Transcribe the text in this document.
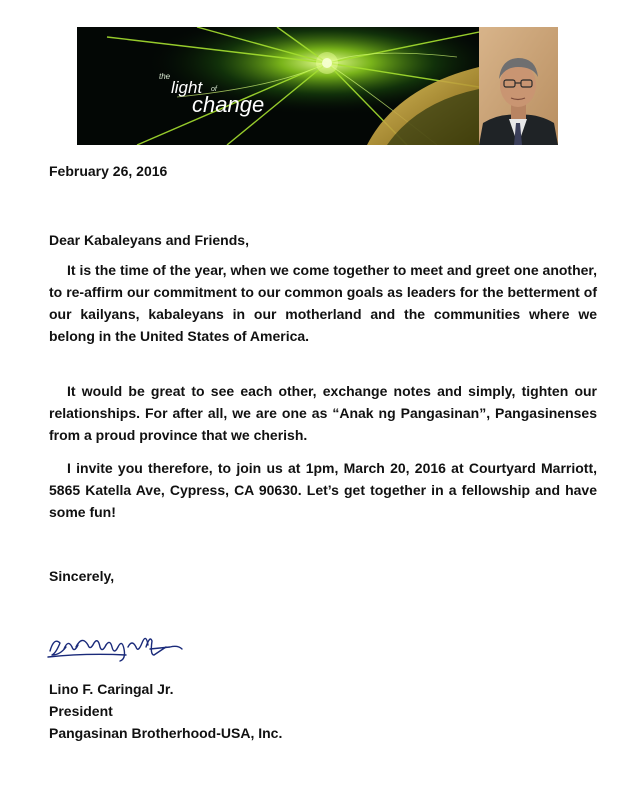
the
light of
change
February 26, 2016
Dear Kabaleyans and Friends,

It is the time of the year, when we come together to meet and greet one another, to re-affirm our commitment to our common goals as leaders for the betterment of our kailyans, kabaleyans in our motherland and the communities where we belong in the United States of America.

It would be great to see each other, exchange notes and simply, tighten our relationships. For after all, we are one as “Anak ng Pangasinan”, Pangasinenses from a proud province that we cherish.

I invite you therefore, to join us at 1pm, March 20, 2016 at Courtyard Marriott, 5865 Katella Ave, Cypress, CA 90630. Let’s get together in a fellowship and have some fun!

Sincerely,
Lino F. Caringal Jr.
President
Pangasinan Brotherhood-USA, Inc.
